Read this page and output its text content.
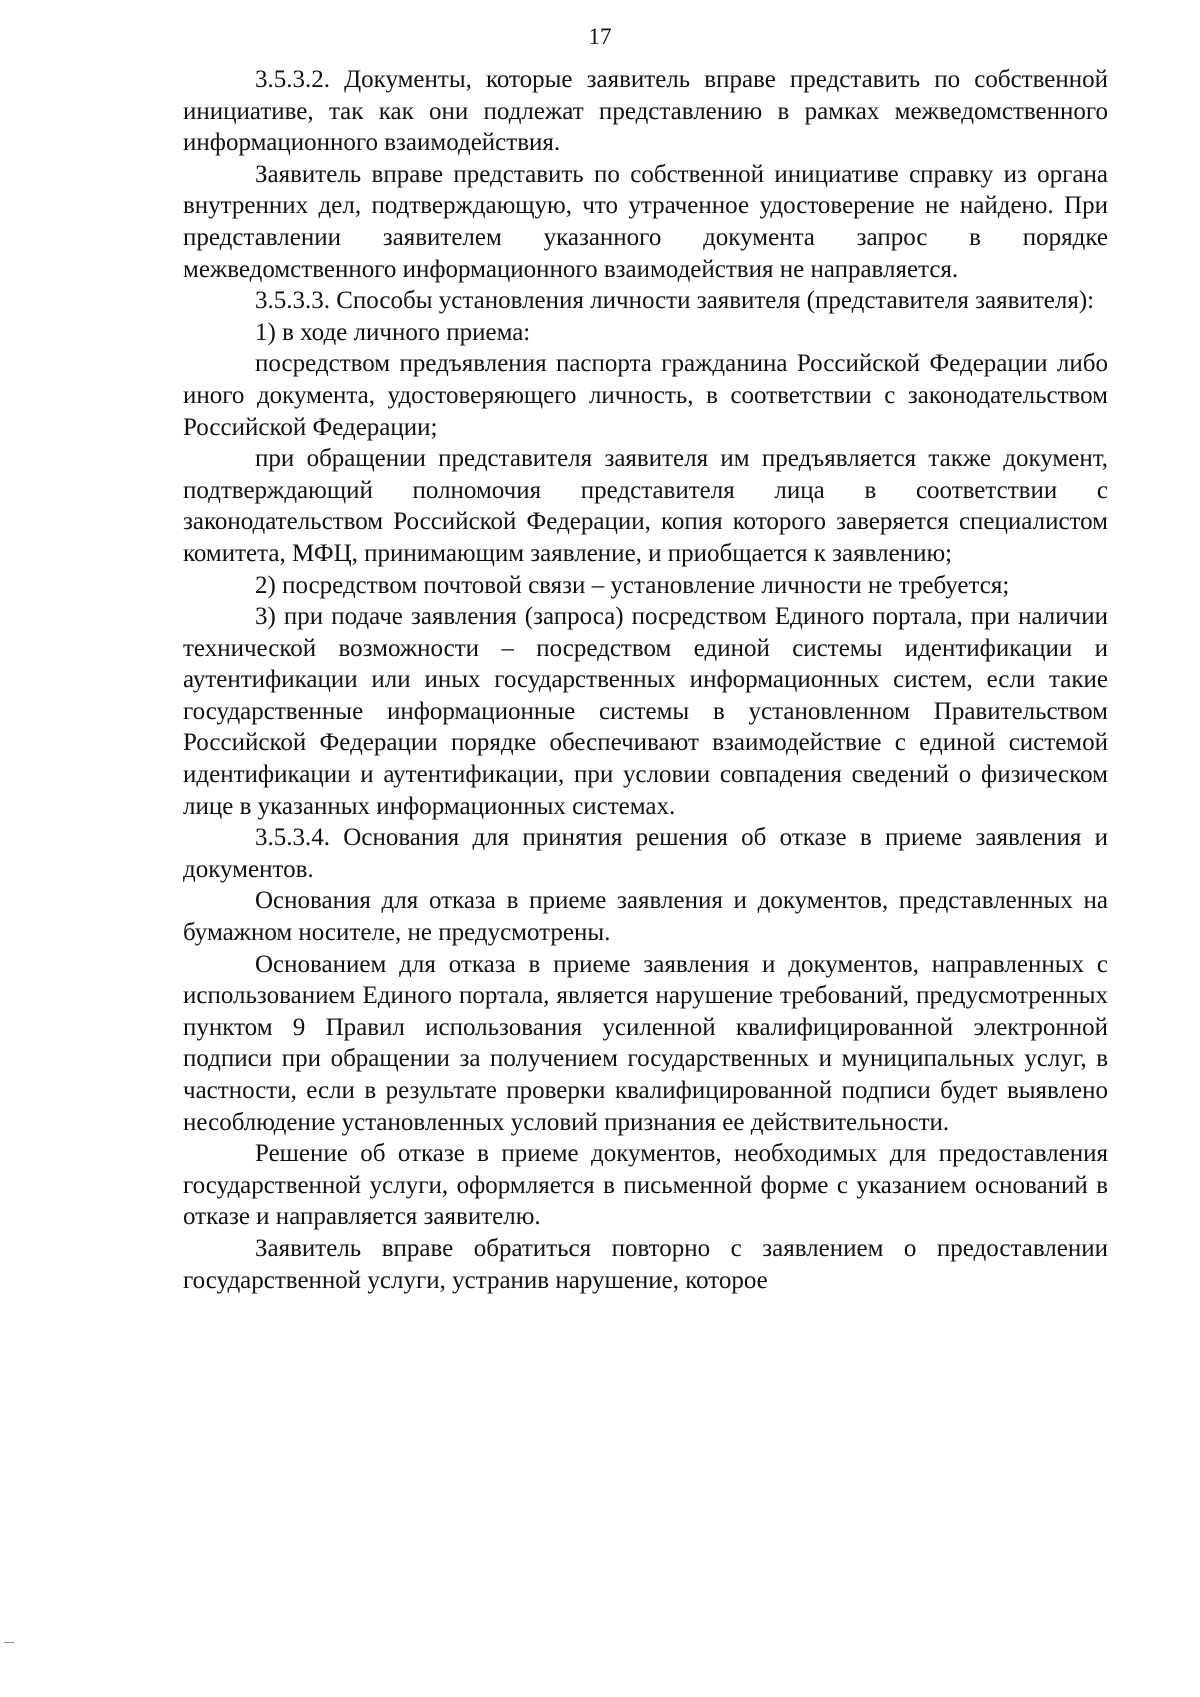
17

3.5.3.2. Документы, которые заявитель вправе представить по собственной инициативе, так как они подлежат представлению в рамках межведомственного информационного взаимодействия.

Заявитель вправе представить по собственной инициативе справку из органа внутренних дел, подтверждающую, что утраченное удостоверение не найдено. При представлении заявителем указанного документа запрос в порядке межведомственного информационного взаимодействия не направляется.

3.5.3.3. Способы установления личности заявителя (представителя заявителя):

1) в ходе личного приема:

посредством предъявления паспорта гражданина Российской Федерации либо иного документа, удостоверяющего личность, в соответствии с законодательством Российской Федерации;

при обращении представителя заявителя им предъявляется также документ, подтверждающий полномочия представителя лица в соответствии с законодательством Российской Федерации, копия которого заверяется специалистом комитета, МФЦ, принимающим заявление, и приобщается к заявлению;

2) посредством почтовой связи – установление личности не требуется;

3) при подаче заявления (запроса) посредством Единого портала, при наличии технической возможности – посредством единой системы идентификации и аутентификации или иных государственных информационных систем, если такие государственные информационные системы в установленном Правительством Российской Федерации порядке обеспечивают взаимодействие с единой системой идентификации и аутентификации, при условии совпадения сведений о физическом лице в указанных информационных системах.

3.5.3.4. Основания для принятия решения об отказе в приеме заявления и документов.

Основания для отказа в приеме заявления и документов, представленных на бумажном носителе, не предусмотрены.

Основанием для отказа в приеме заявления и документов, направленных с использованием Единого портала, является нарушение требований, предусмотренных пунктом 9 Правил использования усиленной квалифицированной электронной подписи при обращении за получением государственных и муниципальных услуг, в частности, если в результате проверки квалифицированной подписи будет выявлено несоблюдение установленных условий признания ее действительности.

Решение об отказе в приеме документов, необходимых для предоставления государственной услуги, оформляется в письменной форме с указанием оснований в отказе и направляется заявителю.

Заявитель вправе обратиться повторно с заявлением о предоставлении государственной услуги, устранив нарушение, которое
